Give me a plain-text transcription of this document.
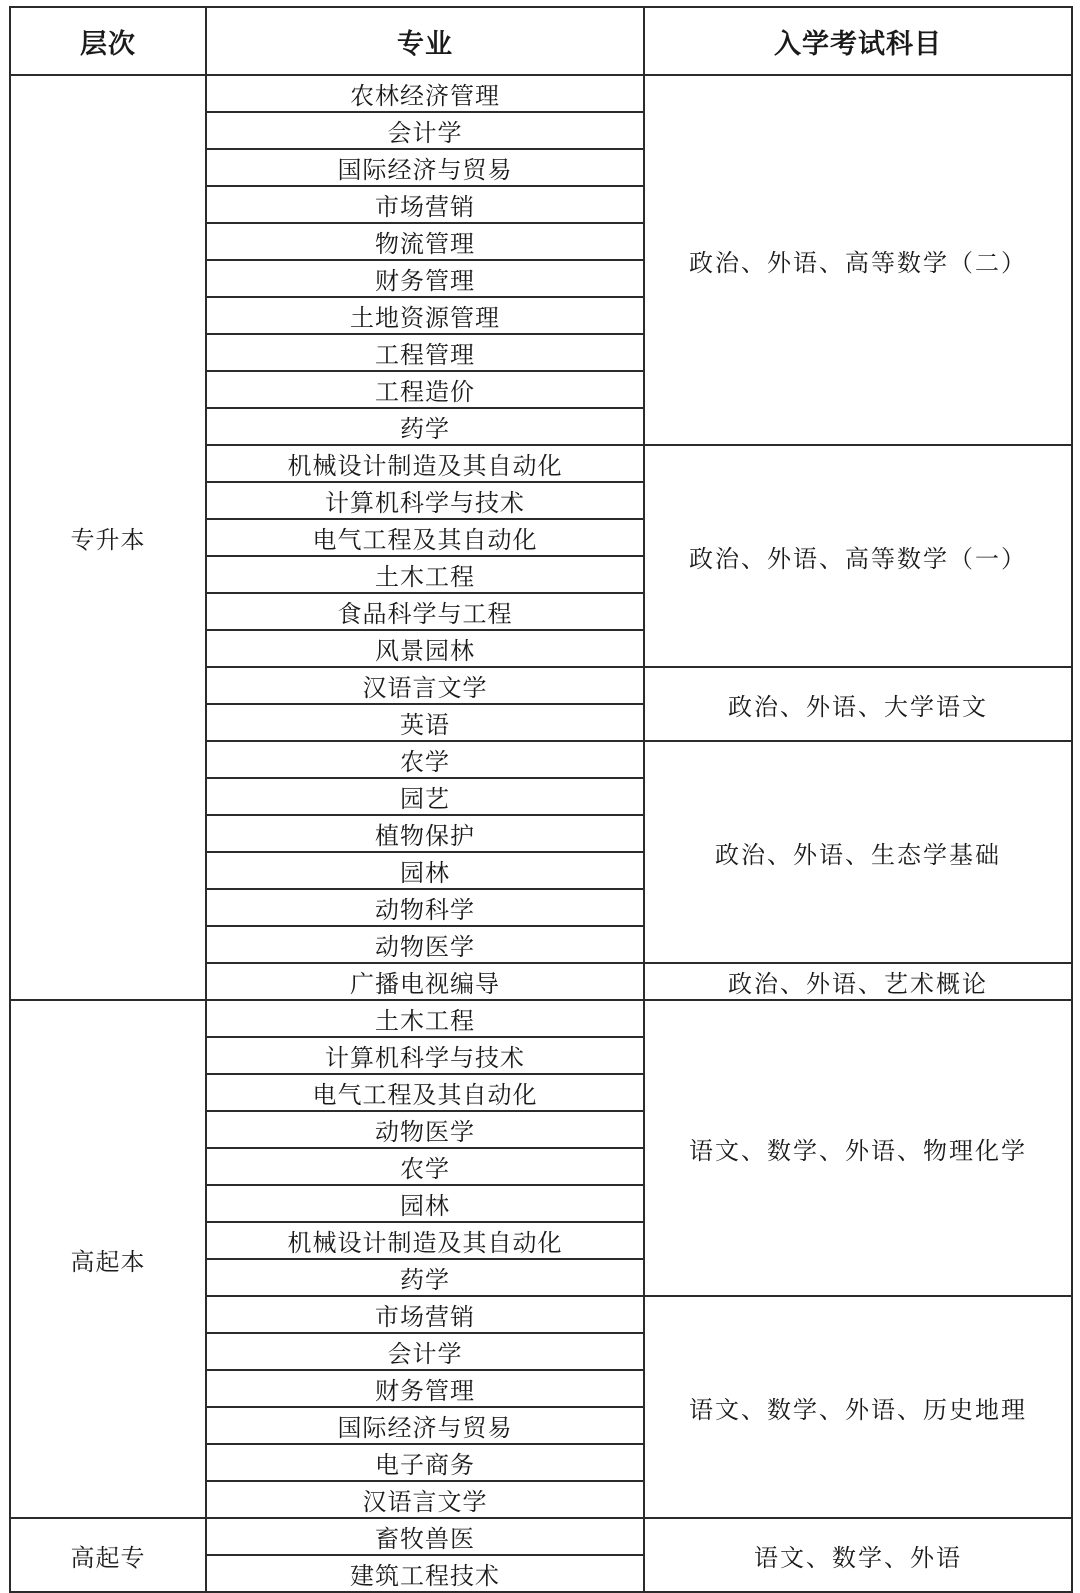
层次	专业	入学考试科目
专升本	农林经济管理	政治、外语、高等数学（二）
	会计学	
	国际经济与贸易	
	市场营销	
	物流管理	
	财务管理	
	土地资源管理	
	工程管理	
	工程造价	
	药学	
	机械设计制造及其自动化	政治、外语、高等数学（一）
	计算机科学与技术	
	电气工程及其自动化	
	土木工程	
	食品科学与工程	
	风景园林	
	汉语言文学	政治、外语、大学语文
	英语	
	农学	政治、外语、生态学基础
	园艺	
	植物保护	
	园林	
	动物科学	
	动物医学	
	广播电视编导	政治、外语、艺术概论
高起本	土木工程	语文、数学、外语、物理化学
	计算机科学与技术	
	电气工程及其自动化	
	动物医学	
	农学	
	园林	
	机械设计制造及其自动化	
	药学	
	市场营销	语文、数学、外语、历史地理
	会计学	
	财务管理	
	国际经济与贸易	
	电子商务	
	汉语言文学	
高起专	畜牧兽医	语文、数学、外语
	建筑工程技术	
